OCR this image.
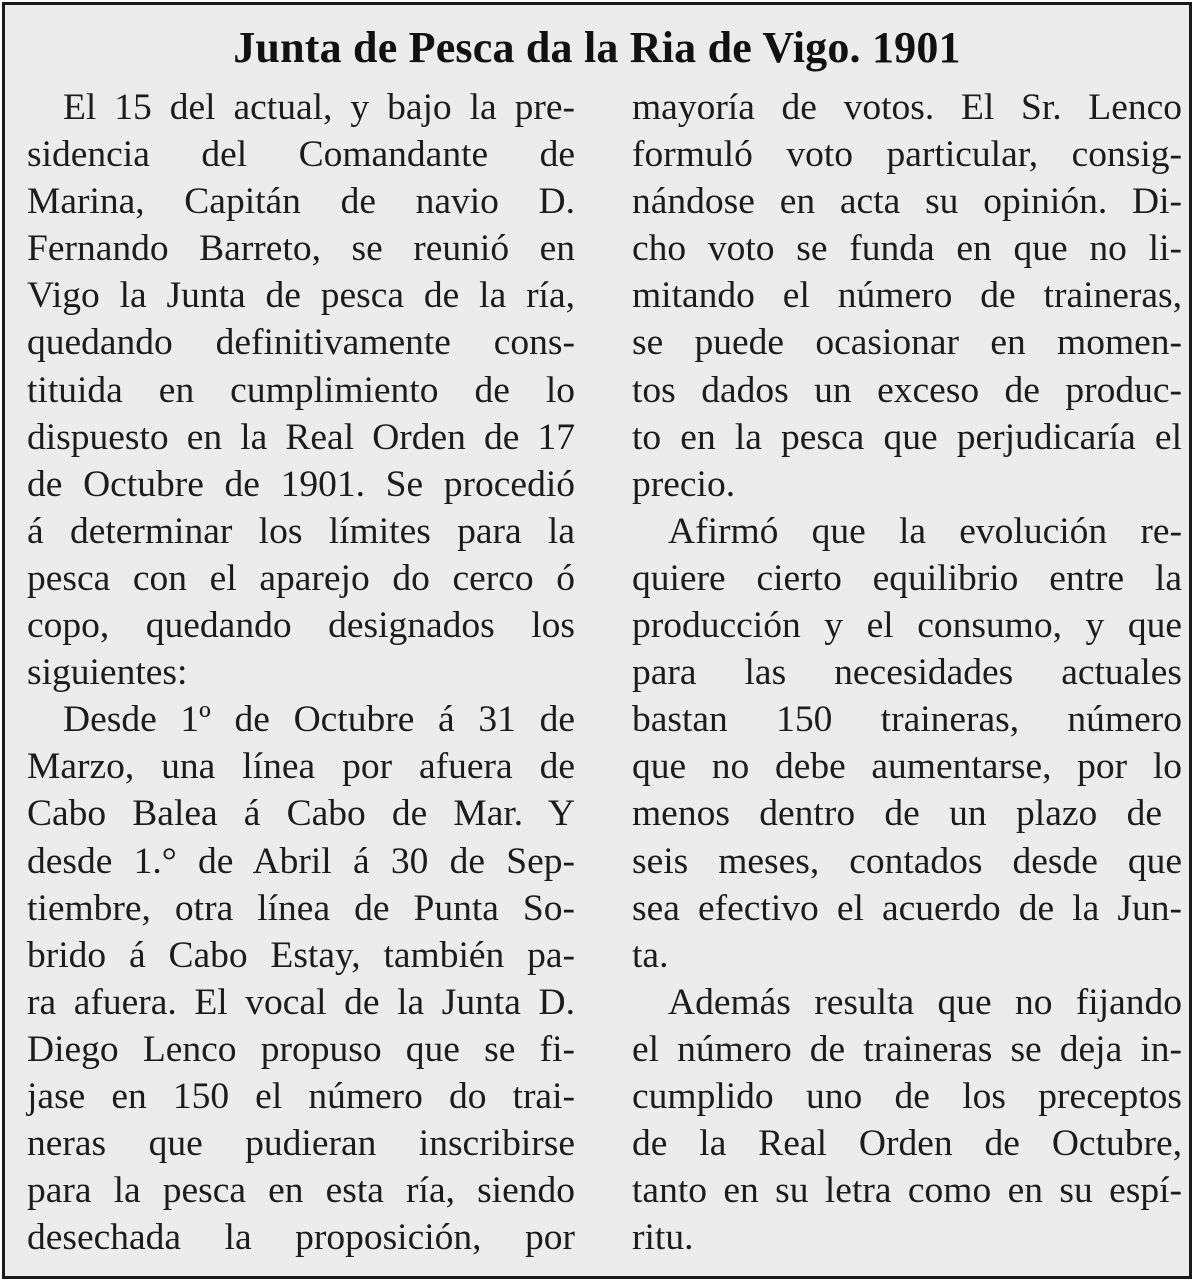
Junta de Pesca da la Ria de Vigo. 1901
El 15 del actual, y bajo la pre-
sidencia del Comandante de
Marina, Capitán de navio D.
Fernando Barreto, se reunió en
Vigo la Junta de pesca de la ría,
quedando definitivamente cons-
tituida en cumplimiento de lo
dispuesto en la Real Orden de 17
de Octubre de 1901. Se procedió
á determinar los límites para la
pesca con el aparejo do cerco ó
copo, quedando designados los
siguientes:
Desde 1º de Octubre á 31 de
Marzo, una línea por afuera de
Cabo Balea á Cabo de Mar. Y
desde 1.° de Abril á 30 de Sep-
tiembre, otra línea de Punta So-
brido á Cabo Estay, también pa-
ra afuera. El vocal de la Junta D.
Diego Lenco propuso que se fi-
jase en 150 el número do trai-
neras que pudieran inscribirse
para la pesca en esta ría, siendo
desechada la proposición, por
mayoría de votos. El Sr. Lenco
formuló voto particular, consig-
nándose en acta su opinión. Di-
cho voto se funda en que no li-
mitando el número de traineras,
se puede ocasionar en momen-
tos dados un exceso de produc-
to en la pesca que perjudicaría el
precio.
Afirmó que la evolución re-
quiere cierto equilibrio entre la
producción y el consumo, y que
para las necesidades actuales
bastan 150 traineras, número
que no debe aumentarse, por lo
menos dentro de un plazo de
seis meses, contados desde que
sea efectivo el acuerdo de la Jun-
ta.
Además resulta que no fijando
el número de traineras se deja in-
cumplido uno de los preceptos
de la Real Orden de Octubre,
tanto en su letra como en su espí-
ritu.
